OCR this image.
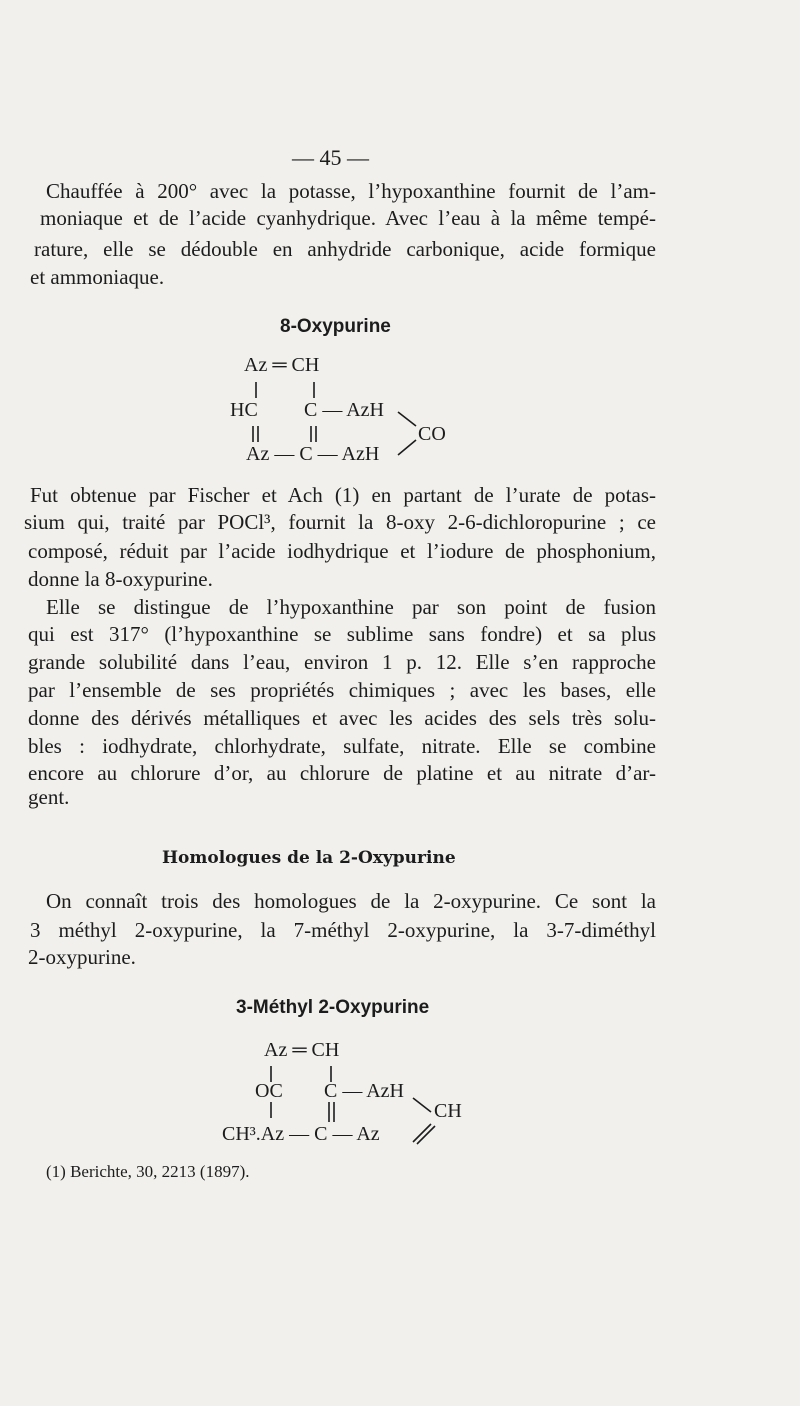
— 45 —
Chauffée à 200° avec la potasse, l’hypoxanthine fournit de l’am-
moniaque et de l’acide cyanhydrique. Avec l’eau à la même tempé-
rature, elle se dédouble en anhydride carbonique, acide formique
et ammoniaque.
8-Oxypurine
Az ═ CH
HC C — AzH
Az — C — AzH
CO
Fut obtenue par Fischer et Ach (1) en partant de l’urate de potas-
sium qui, traité par POCl³, fournit la 8-oxy 2-6-dichloropurine ; ce
composé, réduit par l’acide iodhydrique et l’iodure de phosphonium,
donne la 8-oxypurine.
Elle se distingue de l’hypoxanthine par son point de fusion
qui est 317° (l’hypoxanthine se sublime sans fondre) et sa plus
grande solubilité dans l’eau, environ 1 p. 12. Elle s’en rapproche
par l’ensemble de ses propriétés chimiques ; avec les bases, elle
donne des dérivés métalliques et avec les acides des sels très solu-
bles : iodhydrate, chlorhydrate, sulfate, nitrate. Elle se combine
encore au chlorure d’or, au chlorure de platine et au nitrate d’ar-
gent.
Homologues de la 2-Oxypurine
On connaît trois des homologues de la 2-oxypurine. Ce sont la
3 méthyl 2-oxypurine, la 7-méthyl 2-oxypurine, la 3-7-diméthyl
2-oxypurine.
3-Méthyl 2-Oxypurine
Az ═ CH
OC C — AzH
CH³.Az — C — Az
CH
(1) Berichte, 30, 2213 (1897).
